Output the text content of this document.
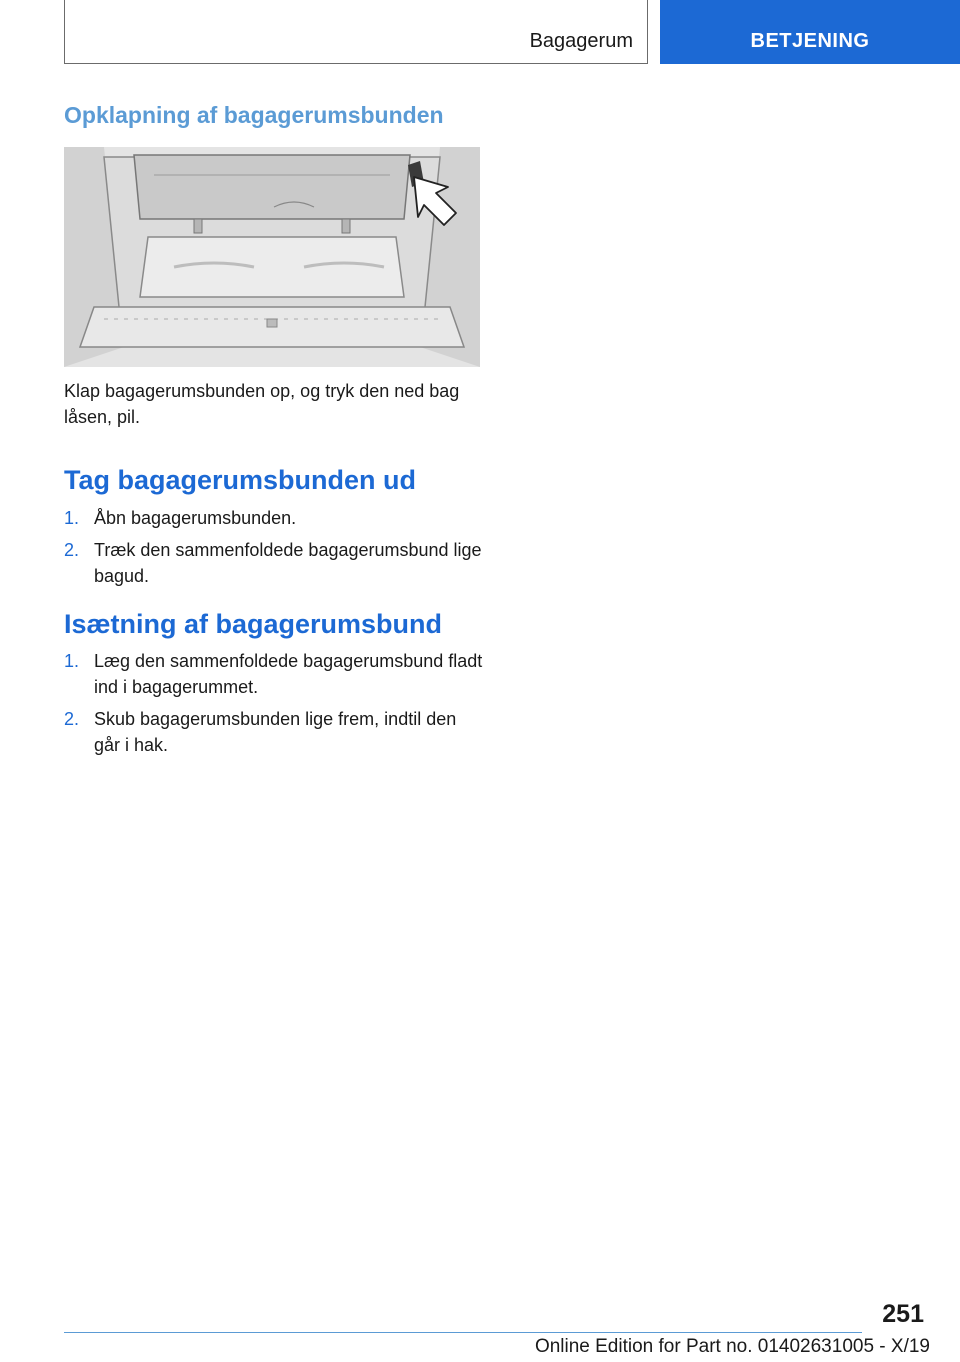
Bagagerum	BETJENING
Opklapning af bagagerumsbunden
Klap bagagerumsbunden op, og tryk den ned bag låsen, pil.
Tag bagagerumsbunden ud
1. Åbn bagagerumsbunden.
2. Træk den sammenfoldede bagagerumsbund lige bagud.
Isætning af bagagerumsbund
1. Læg den sammenfoldede bagagerumsbund fladt ind i bagagerummet.
2. Skub bagagerumsbunden lige frem, indtil den går i hak.
251
Online Edition for Part no. 01402631005 - X/19
